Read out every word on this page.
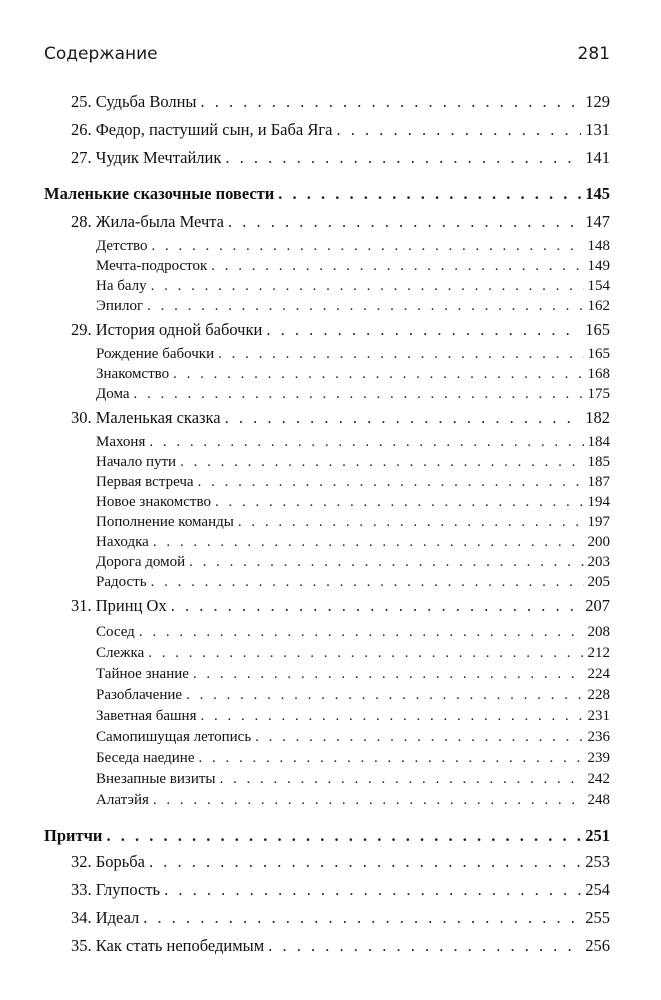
Содержание	281
25. Судьба Волны . . .	129
26. Федор, пастуший сын, и Баба Яга . . .	131
27. Чудик Мечтайлик . . .	141
Маленькие сказочные повести . . .	145
28. Жила-была Мечта . . .	147
Детство . . .	148
Мечта-подросток . . .	149
На балу . . .	154
Эпилог . . .	162
29. История одной бабочки . . .	165
Рождение бабочки . . .	165
Знакомство . . .	168
Дома . . .	175
30. Маленькая сказка . . .	182
Махоня . . .	184
Начало пути . . .	185
Первая встреча . . .	187
Новое знакомство . . .	194
Пополнение команды . . .	197
Находка . . .	200
Дорога домой . . .	203
Радость . . .	205
31. Принц Ох . . .	207
Сосед . . .	208
Слежка . . .	212
Тайное знание . . .	224
Разоблачение . . .	228
Заветная башня . . .	231
Самопишущая летопись . . .	236
Беседа наедине . . .	239
Внезапные визиты . . .	242
Алатэйя . . .	248
Притчи . . .	251
32. Борьба . . .	253
33. Глупость . . .	254
34. Идеал . . .	255
35. Как стать непобедимым . . .	256
